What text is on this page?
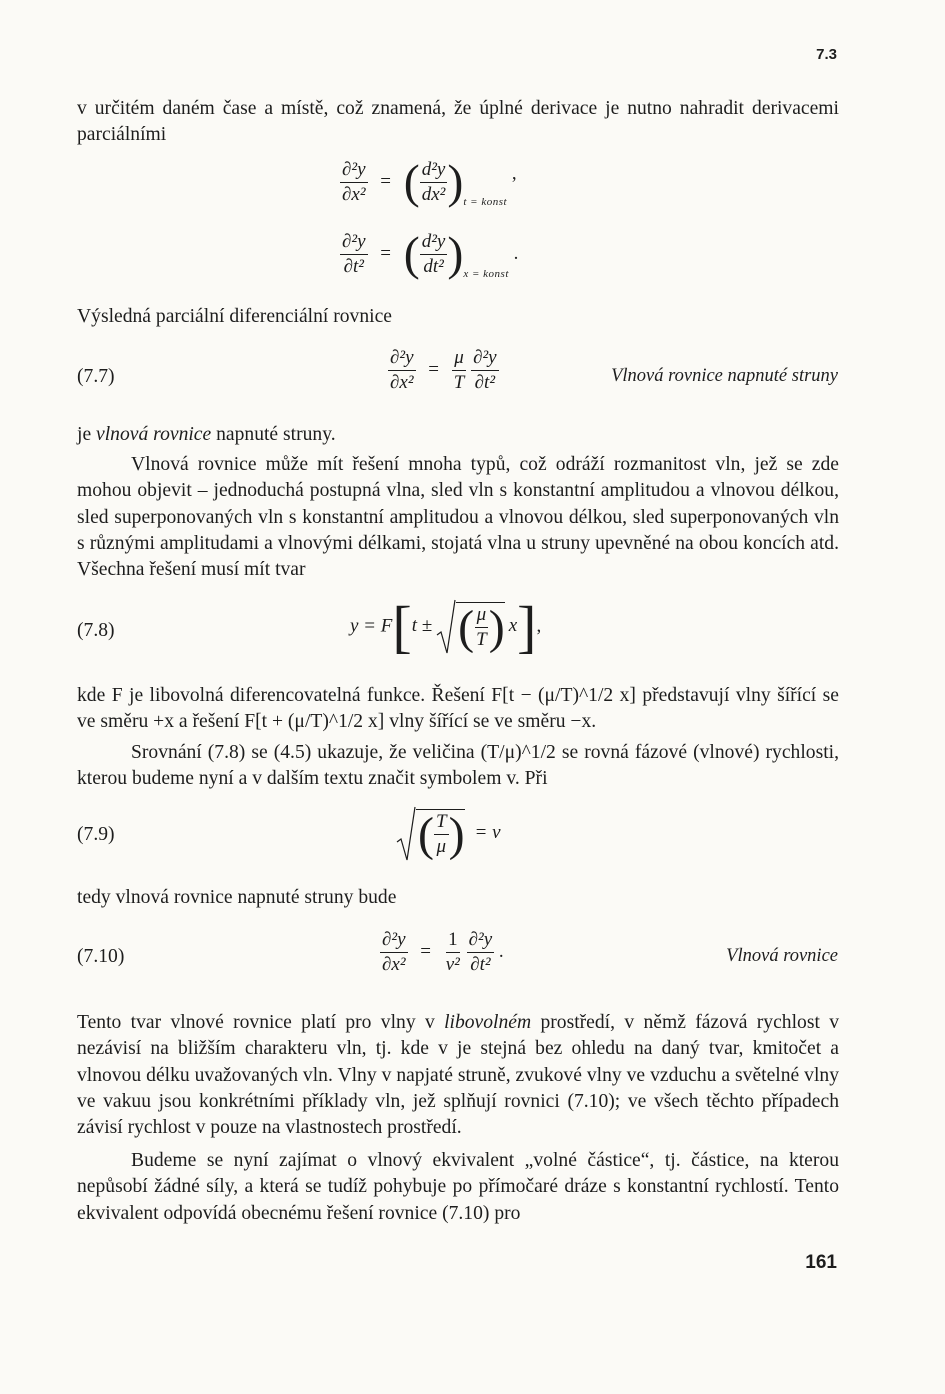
7.3

v určitém daném čase a místě, což znamená, že úplné derivace je nutno nahradit derivacemi parciálními

$\frac{\text{∂²y}}{\text{∂x²}}$ = ( $\frac{\text{d²y}}{\text{dx²}} )_{t = konst}$ ,
$\frac{\text{∂²y}}{\text{∂t²}}$ = ( $\frac{\text{d²y}}{\text{dt²}} )_{x = konst}$ .

Výsledná parciální diferenciální rovnice

(7.7)	$\frac{\text{∂²y}}{\text{∂x²}} = \frac{\mu}{T}$
$\frac{\text{∂²y}}{\text{∂t²}}$	Vlnová rovnice napnuté struny

je vlnová rovnice napnuté struny.

Vlnová rovnice může mít řešení mnoha typů, což odráží rozmanitost vln, jež se zde mohou objevit – jednoduchá postupná vlna, sled vln s konstantní amplitudou a vlnovou délkou, sled superponovaných vln s konstantní amplitudou a vlnovou délkou, sled superponovaných vln s různými amplitudami a vlnovými délkami, stojatá vlna u struny upevněné na obou koncích atd. Všechna řešení musí mít tvar

(7.8)	y = F[t ± ( $\frac{\mu}{T}$ ) x],

kde F je libovolná diferencovatelná funkce. Řešení F[t − (μ/T)^1/2 x] představují vlny šířící se ve směru +x a řešení F[t + (μ/T)^1/2 x] vlny šířící se ve směru −x.

Srovnání (7.8) se (4.5) ukazuje, že veličina (T/μ)^1/2 se rovná fázové (vlnové) rychlosti, kterou budeme nyní a v dalším textu značit symbolem v. Při

(7.9)	( $\frac{T}{\mu}$ ) = v

tedy vlnová rovnice napnuté struny bude

(7.10)	$\frac{\text{∂²y}}{\text{∂x²}} = \frac{1}{\text{v²}}$
$\frac{\text{∂²y}}{\text{∂t²}}$ .	Vlnová rovnice

Tento tvar vlnové rovnice platí pro vlny v libovolném prostředí, v němž fázová rychlost v nezávisí na bližším charakteru vln, tj. kde v je stejná bez ohledu na daný tvar, kmitočet a vlnovou délku uvažovaných vln. Vlny v napjaté struně, zvukové vlny ve vzduchu a světelné vlny ve vakuu jsou konkrétními příklady vln, jež splňují rovnici (7.10); ve všech těchto případech závisí rychlost v pouze na vlastnostech prostředí.

Budeme se nyní zajímat o vlnový ekvivalent „volné částice“, tj. částice, na kterou nepůsobí žádné síly, a která se tudíž pohybuje po přímočaré dráze s konstantní rychlostí. Tento ekvivalent odpovídá obecnému řešení rovnice (7.10) pro

161
